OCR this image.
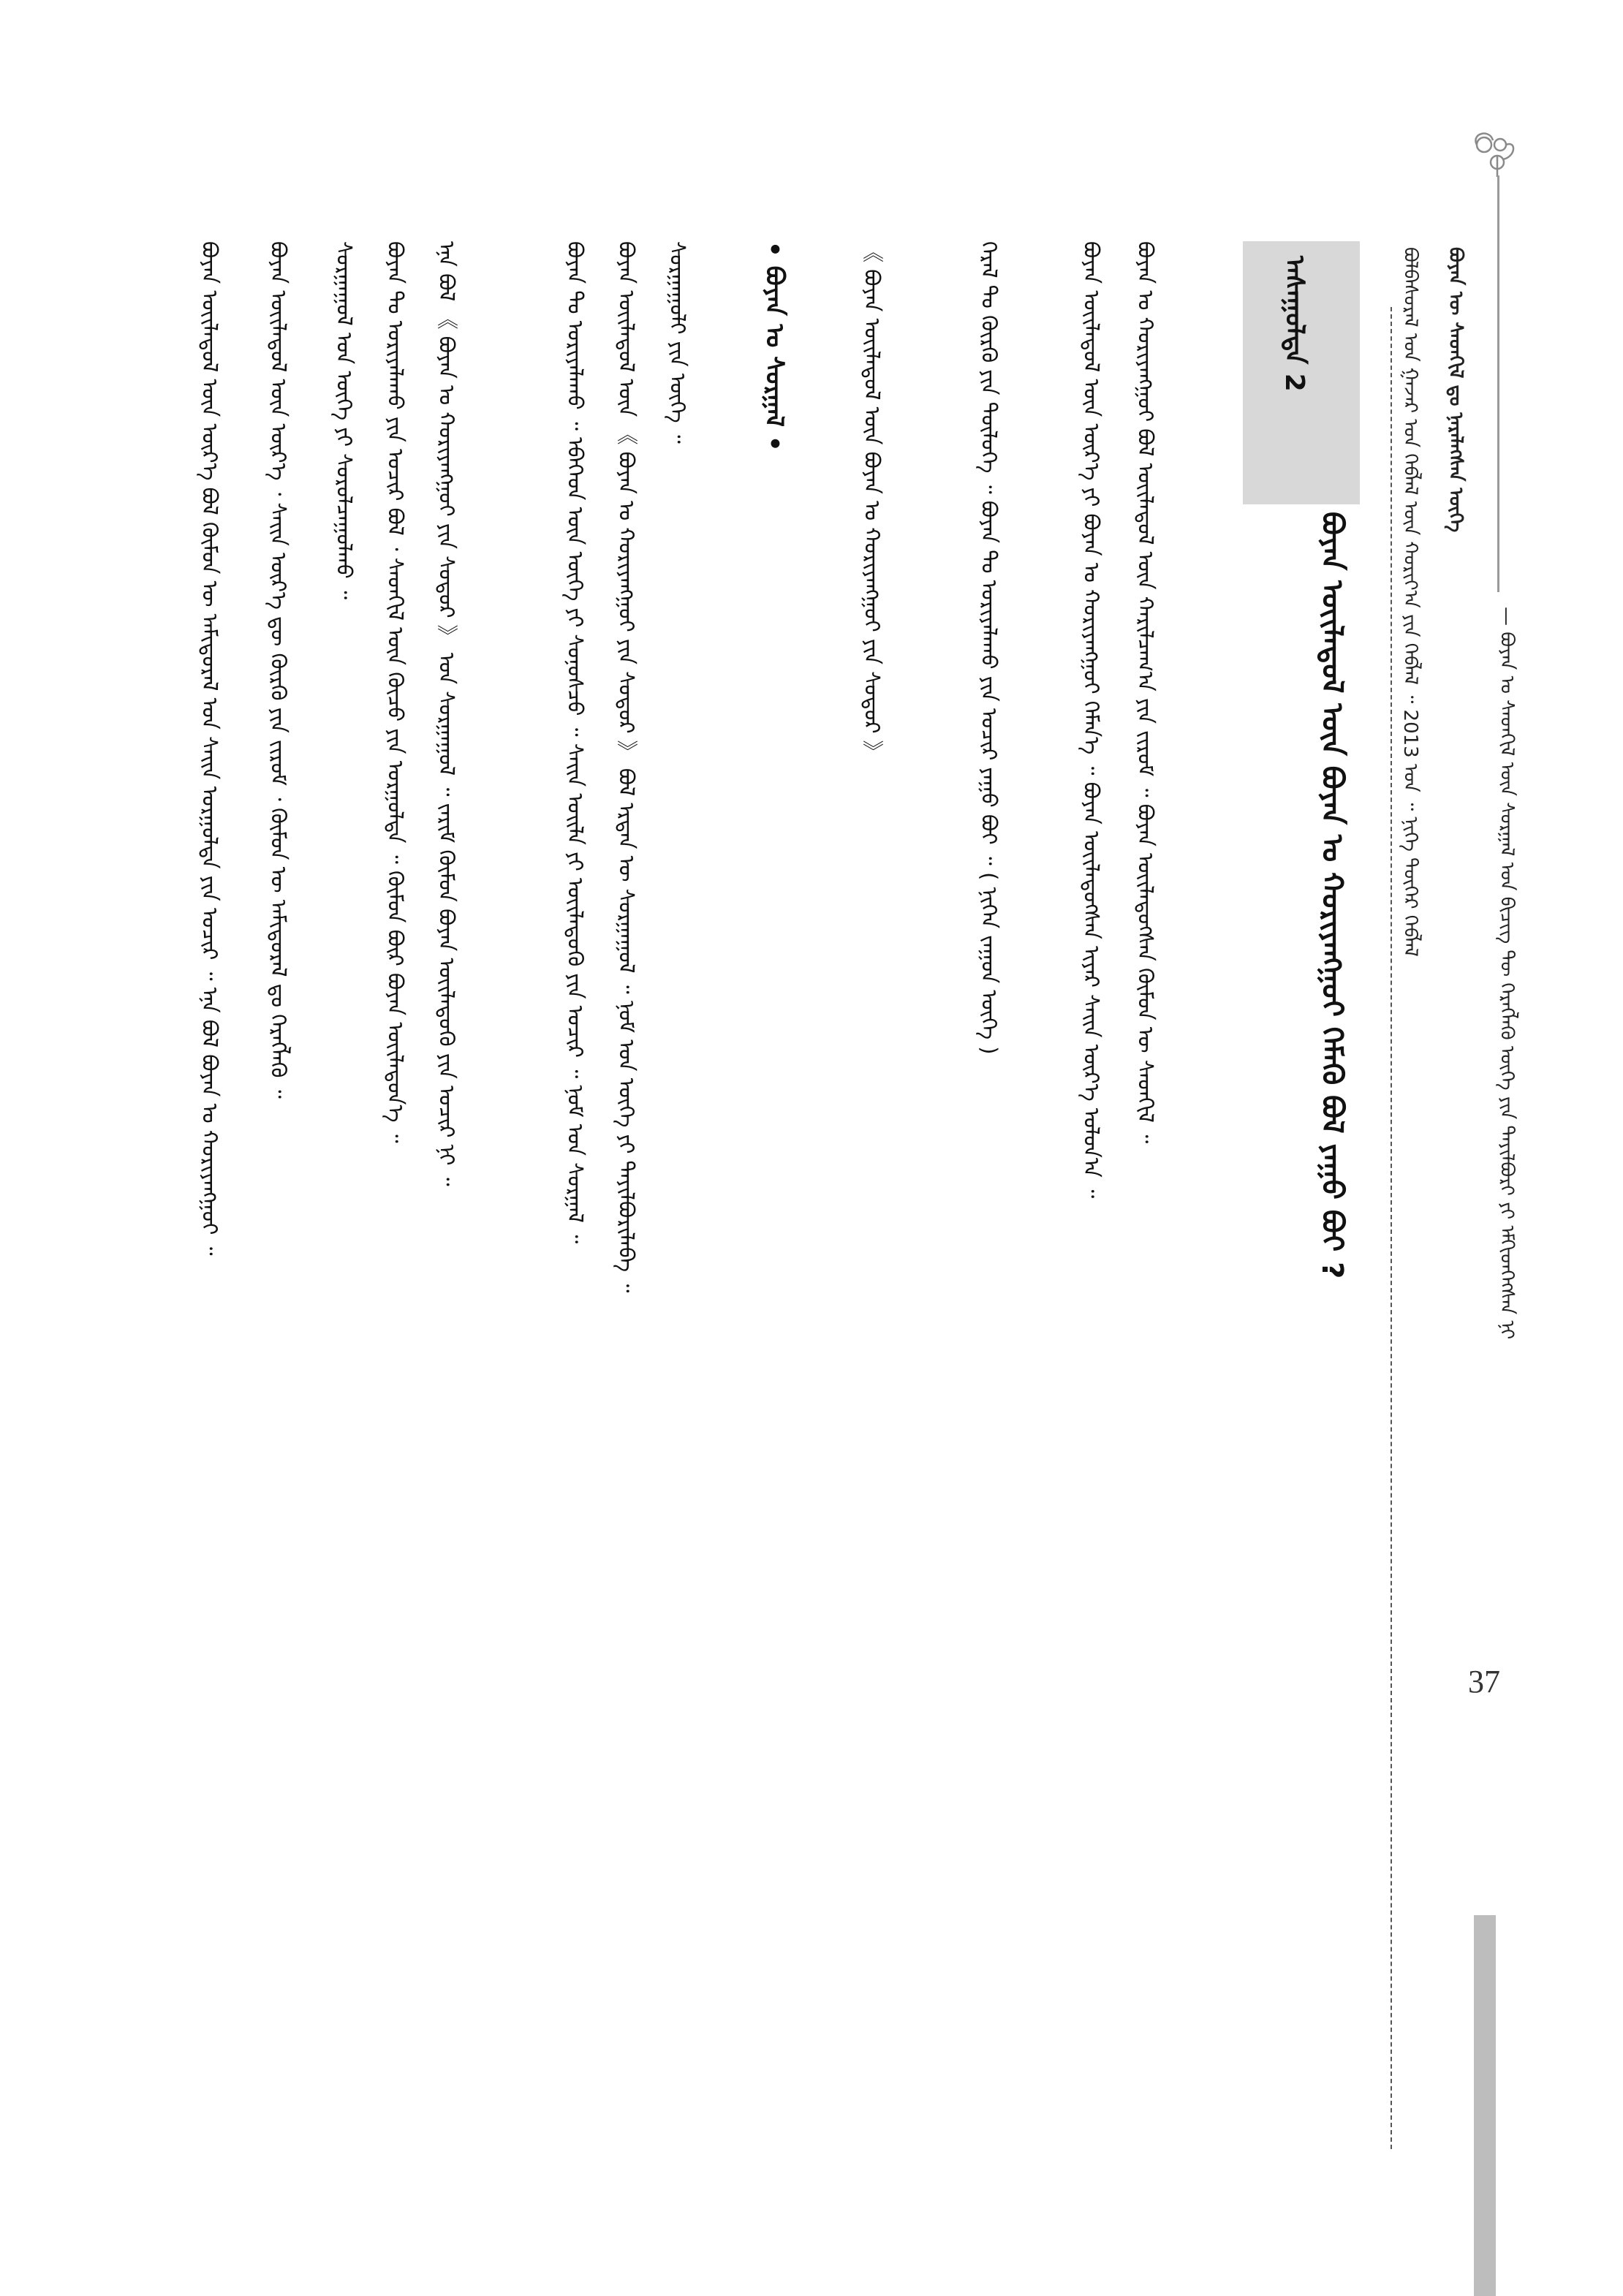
ᠪᠤᠶᠠᠨ ᠦ ᠰᠡᠳᠬᠢᠯ ᠳᠤ ᠨᠡᠷᠡᠯᠡᠭᠰᠡᠨ ᠦᠭᠡ
— ᠪᠤᠶᠠᠨ ᠤ ᠰᠡᠳᠬᠢᠯ ᠦᠨ ᠰᠤᠷᠭᠠᠯ ᠤᠨ ᠪᠢᠴᠢᠭ ᠲᠦ ᠬᠡᠷᠡᠭᠯᠡᠬᠦ ᠦᠭᠡ ᠶᠢᠨ ᠲᠠᠶᠢᠯᠪᠤᠷᠢ ᠶᠢ ᠡᠮᠬᠢᠳᠬᠡᠭᠰᠡᠨ ᠨᠢ
ᠪᠣᠯᠪᠠᠰᠤᠷᠠᠯ ᠤᠨ ᠭᠠᠵᠠᠷ ᠤᠨ ᠬᠡᠪᠯᠡᠯ ᠦᠨ ᠬᠣᠷᠢᠶ᠎ᠠ ᠶᠢᠨ ᠬᠡᠪᠯᠡᠯ ᠃ 2013 ᠣᠨ ᠃ ᠨᠢᠭᠡ ᠳᠦᠭᠡᠷ ᠬᠡᠪᠯᠡᠯ
ᠠᠰᠠᠭᠤᠯᠲᠠ 2
ᠪᠤᠶᠠᠨ ᠦᠢᠯᠡᠳᠦᠯ ᠦᠨ ᠪᠤᠶᠠᠨ ᠤ ᠬᠤᠷᠢᠶᠠᠩᠭᠤᠢ ᠬᠡᠮᠡᠬᠦ ᠪᠣᠯ ᠶᠠᠭᠤ ᠪᠤᠢ ?
ᠪᠤᠶᠠᠨ ᠤ ᠬᠤᠷᠢᠶᠠᠩᠭᠤᠢ ᠪᠣᠯ ᠦᠢᠯᠡᠳᠦᠯ ᠦᠨ ᠬᠠᠷᠢᠯᠴᠠᠭ᠎ᠠ ᠶᠢᠨ ᠵᠢᠷᠤᠮ ᠃ ᠪᠤᠶᠠᠨ ᠦᠢᠯᠡᠳᠦᠭᠰᠡᠨ ᠬᠦᠮᠦᠨ ᠦ ᠰᠡᠳᠬᠢᠯ ᠃
ᠪᠤᠶᠠᠨ ᠦᠢᠯᠡᠳᠦᠯ ᠦᠨ ᠦᠷ᠎ᠡ ᠶᠢ ᠪᠤᠶᠠᠨ ᠤ ᠬᠤᠷᠢᠶᠠᠩᠭᠤᠢ ᠬᠡᠮᠡᠨ᠎ᠡ ᠃ ᠪᠤᠶᠠᠨ ᠦᠢᠯᠡᠳᠦᠭᠰᠡᠨ ᠢᠶᠡᠷ ᠰᠠᠢᠨ ᠦᠷ᠎ᠡ ᠣᠯᠤᠨ᠎ᠠ ᠃
ᠭᠡᠷᠡᠯ ᠲᠤ ᠬᠦᠷᠬᠦ ᠶᠢᠨ ᠲᠥᠯᠦᠭᠡ ᠃ ᠪᠤᠶᠠᠨ ᠲᠤ ᠤᠷᠢᠶᠠᠯᠠᠬᠤ ᠶᠢᠨ ᠤᠴᠢᠷ ᠶᠠᠭᠤ ᠪᠤᠢ ᠃ ( ᠨᠢᠭᠡᠨ ᠵᠠᠭᠤᠨ ᠦᠭᠡ )
《 ᠪᠤᠶᠠᠨ ᠦᠢᠯᠡᠳᠦᠯ ᠦᠨ ᠪᠤᠶᠠᠨ ᠤ ᠬᠤᠷᠢᠶᠠᠩᠭᠤᠢ ᠶᠢᠨ ᠰᠤᠳᠤᠷ 》
• ᠪᠤᠶᠠᠨ ᠤ ᠰᠤᠷᠭᠠᠯ •
ᠰᠤᠷᠭᠠᠭᠤᠯᠢ ᠶᠢᠨ ᠦᠭᠡ ᠃
ᠪᠤᠶᠠᠨ ᠦᠢᠯᠡᠳᠦᠯ ᠦᠨ 《 ᠪᠤᠶᠠᠨ ᠤ ᠬᠤᠷᠢᠶᠠᠩᠭᠤᠢ ᠶᠢᠨ ᠰᠤᠳᠤᠷ 》 ᠪᠣᠯ ᠡᠷᠲᠡᠨ ᠦ ᠰᠤᠷᠭᠠᠭᠤᠯ ᠃ ᠨᠤᠮ ᠤᠨ ᠦᠭᠡ ᠶᠢ ᠲᠠᠶᠢᠯᠪᠤᠷᠢᠯᠠᠪᠠ ᠃
ᠪᠤᠶᠠᠨ ᠲᠤ ᠤᠷᠢᠶᠠᠯᠠᠬᠤ ᠃ ᠡᠪᠡᠭᠡᠳ ᠦᠨ ᠦᠭᠡ ᠶᠢ ᠰᠣᠨᠤᠰᠴᠤ ᠃ ᠰᠠᠢᠨ ᠤᠢᠯᠡ ᠶᠢ ᠦᠢᠯᠡᠳᠦᠬᠦ ᠶᠢᠨ ᠤᠴᠢᠷ ᠃ ᠨᠤᠮ ᠤᠨ ᠰᠤᠷᠭᠠᠯ ᠃
ᠡᠨᠡ ᠪᠣᠯ 《 ᠪᠤᠶᠠᠨ ᠤ ᠬᠤᠷᠢᠶᠠᠩᠭᠤᠢ ᠶᠢᠨ ᠰᠤᠳᠤᠷ 》 ᠤᠨ ᠰᠤᠷᠭᠠᠭᠤᠯ ᠃ ᠵᠠᠷᠢᠮ ᠬᠦᠮᠦᠨ ᠪᠤᠶᠠᠨ ᠦᠢᠯᠡᠳᠦᠬᠦ ᠶᠢᠨ ᠤᠴᠢᠷ ᠨᠢ ᠃
ᠪᠤᠶᠠᠨ ᠲᠤ ᠤᠷᠢᠶᠠᠯᠠᠬᠤ ᠶᠢᠨ ᠤᠴᠢᠷ ᠪᠣᠯ ᠂ ᠰᠡᠳᠬᠢᠯ ᠦᠨ ᠬᠦᠴᠦ ᠶᠢᠨ ᠤᠷᠭᠤᠯᠲᠠ ᠃ ᠬᠦᠮᠦᠨ ᠪᠦᠷ ᠪᠤᠶᠠᠨ ᠦᠢᠯᠡᠳᠦᠨ᠎ᠡ ᠃
ᠰᠤᠷᠭᠠᠭᠤᠯ ᠤᠨ ᠦᠭᠡ ᠶᠢ ᠰᠤᠷᠤᠯᠴᠠᠭᠤᠯᠬᠤ ᠃
ᠪᠤᠶᠠᠨ ᠦᠢᠯᠡᠳᠦᠯ ᠦᠨ ᠦᠷ᠎ᠡ ᠂ ᠰᠠᠢᠨ ᠦᠷ᠎ᠡ ᠳᠦ ᠬᠦᠷᠬᠦ ᠶᠢᠨ ᠵᠢᠷᠤᠮ ᠂ ᠬᠦᠮᠦᠨ ᠦ ᠠᠮᠢᠳᠤᠷᠠᠯ ᠳᠤ ᠬᠡᠷᠡᠭᠯᠡᠬᠦ ᠃
ᠪᠤᠶᠠᠨ ᠦᠢᠯᠡᠳᠦᠯ ᠦᠨ ᠦᠷ᠎ᠡ ᠪᠣᠯ ᠬᠦᠮᠦᠨ ᠦ ᠠᠮᠢᠳᠤᠷᠠᠯ ᠤᠨ ᠰᠠᠢᠨ ᠤᠷᠭᠤᠯᠲᠠ ᠶᠢᠨ ᠤᠴᠢᠷ ᠃ ᠡᠨᠡ ᠪᠣᠯ ᠪᠤᠶᠠᠨ ᠤ ᠬᠤᠷᠢᠶᠠᠩᠭᠤᠢ ᠃
37
